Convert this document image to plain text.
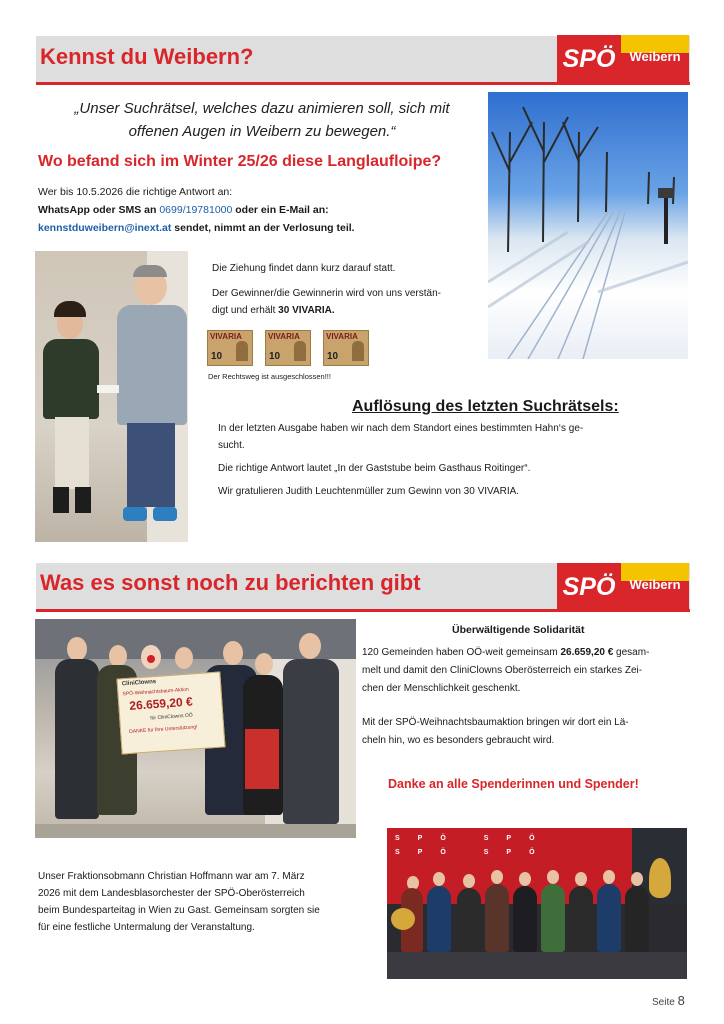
Kennst du Weibern?	SPÖ	Weibern
„Unser Suchrätsel, welches dazu animieren soll, sich mit
offenen Augen in Weibern zu bewegen.“
Wo befand sich im Winter 25/26 diese Langlaufloipe?
Wer bis 10.5.2026 die richtige Antwort an:
WhatsApp oder SMS an 0699/19781000 oder ein E-Mail an:
kennstduweibern@inext.at sendet, nimmt an der Verlosung teil.
Die Ziehung findet dann kurz darauf statt.
Der Gewinner/die Gewinnerin wird von uns verstän-
digt und erhält 30 VIVARIA.
VIVARIA
10
VIVARIA
10
VIVARIA
10
Der Rechtsweg ist ausgeschlossen!!!
Auflösung des letzten Suchrätsels:
In der letzten Ausgabe haben wir nach dem Standort eines bestimmten Hahn‘s ge-
sucht.
Die richtige Antwort lautet „In der Gaststube beim Gasthaus Roitinger“.
Wir gratulieren Judith Leuchtenmüller zum Gewinn von 30 VIVARIA.
Was es sonst noch zu berichten gibt	SPÖ	Weibern
CliniClowns
SPÖ-Weihnachtsbaum-Aktion
26.659,20 €
für CliniClowns OÖ
DANKE für Ihre Unterstützung!
Überwältigende Solidarität
120 Gemeinden haben OÖ-weit gemeinsam 26.659,20 € gesam-
melt und damit den CliniClowns Oberösterreich ein starkes Zei-
chen der Menschlichkeit geschenkt.
Mit der SPÖ-Weihnachtsbaumaktion bringen wir dort ein Lä-
cheln hin, wo es besonders gebraucht wird.
Danke an alle Spenderinnen und Spender!
Unser Fraktionsobmann Christian Hoffmann war am 7. März
2026 mit dem Landesblasorchester der SPÖ-Oberösterreich
beim Bundesparteitag in Wien zu Gast. Gemeinsam sorgten sie
für eine festliche Untermalung der Veranstaltung.
SPÖ	SPÖ SPÖ	SPÖ
Seite 8
